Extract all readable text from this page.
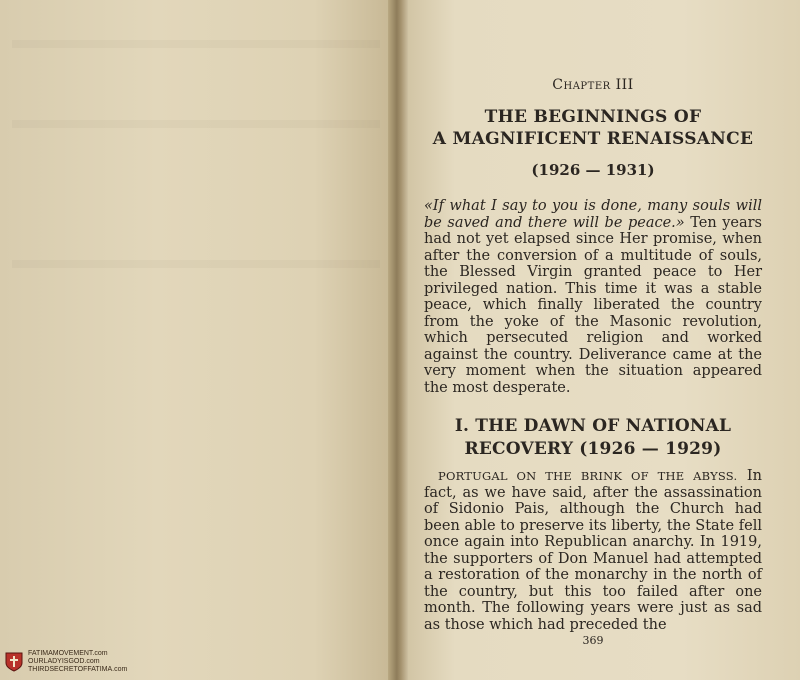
Chapter III
THE BEGINNINGS OF
A MAGNIFICENT RENAISSANCE
(1926 — 1931)

«If what I say to you is done, many souls will be saved and there will be peace.» Ten years had not yet elapsed since Her promise, when after the conversion of a multitude of souls, the Blessed Virgin granted peace to Her privileged nation. This time it was a stable peace, which finally liberated the country from the yoke of the Masonic revolution, which persecuted religion and worked against the country. Deliverance came at the very moment when the situation appeared the most desperate.

I. THE DAWN OF NATIONAL
RECOVERY (1926 — 1929)

PORTUGAL ON THE BRINK OF THE ABYSS. In fact, as we have said, after the assassination of Sidonio Pais, although the Church had been able to preserve its liberty, the State fell once again into Republican anarchy. In 1919, the supporters of Don Manuel had attempted a restoration of the monarchy in the north of the country, but this too failed after one month. The following years were just as sad as those which had preceded the

369
FATIMAMOVEMENT.com
OURLADYISGOD.com
THIRDSECRETOFFATIMA.com
